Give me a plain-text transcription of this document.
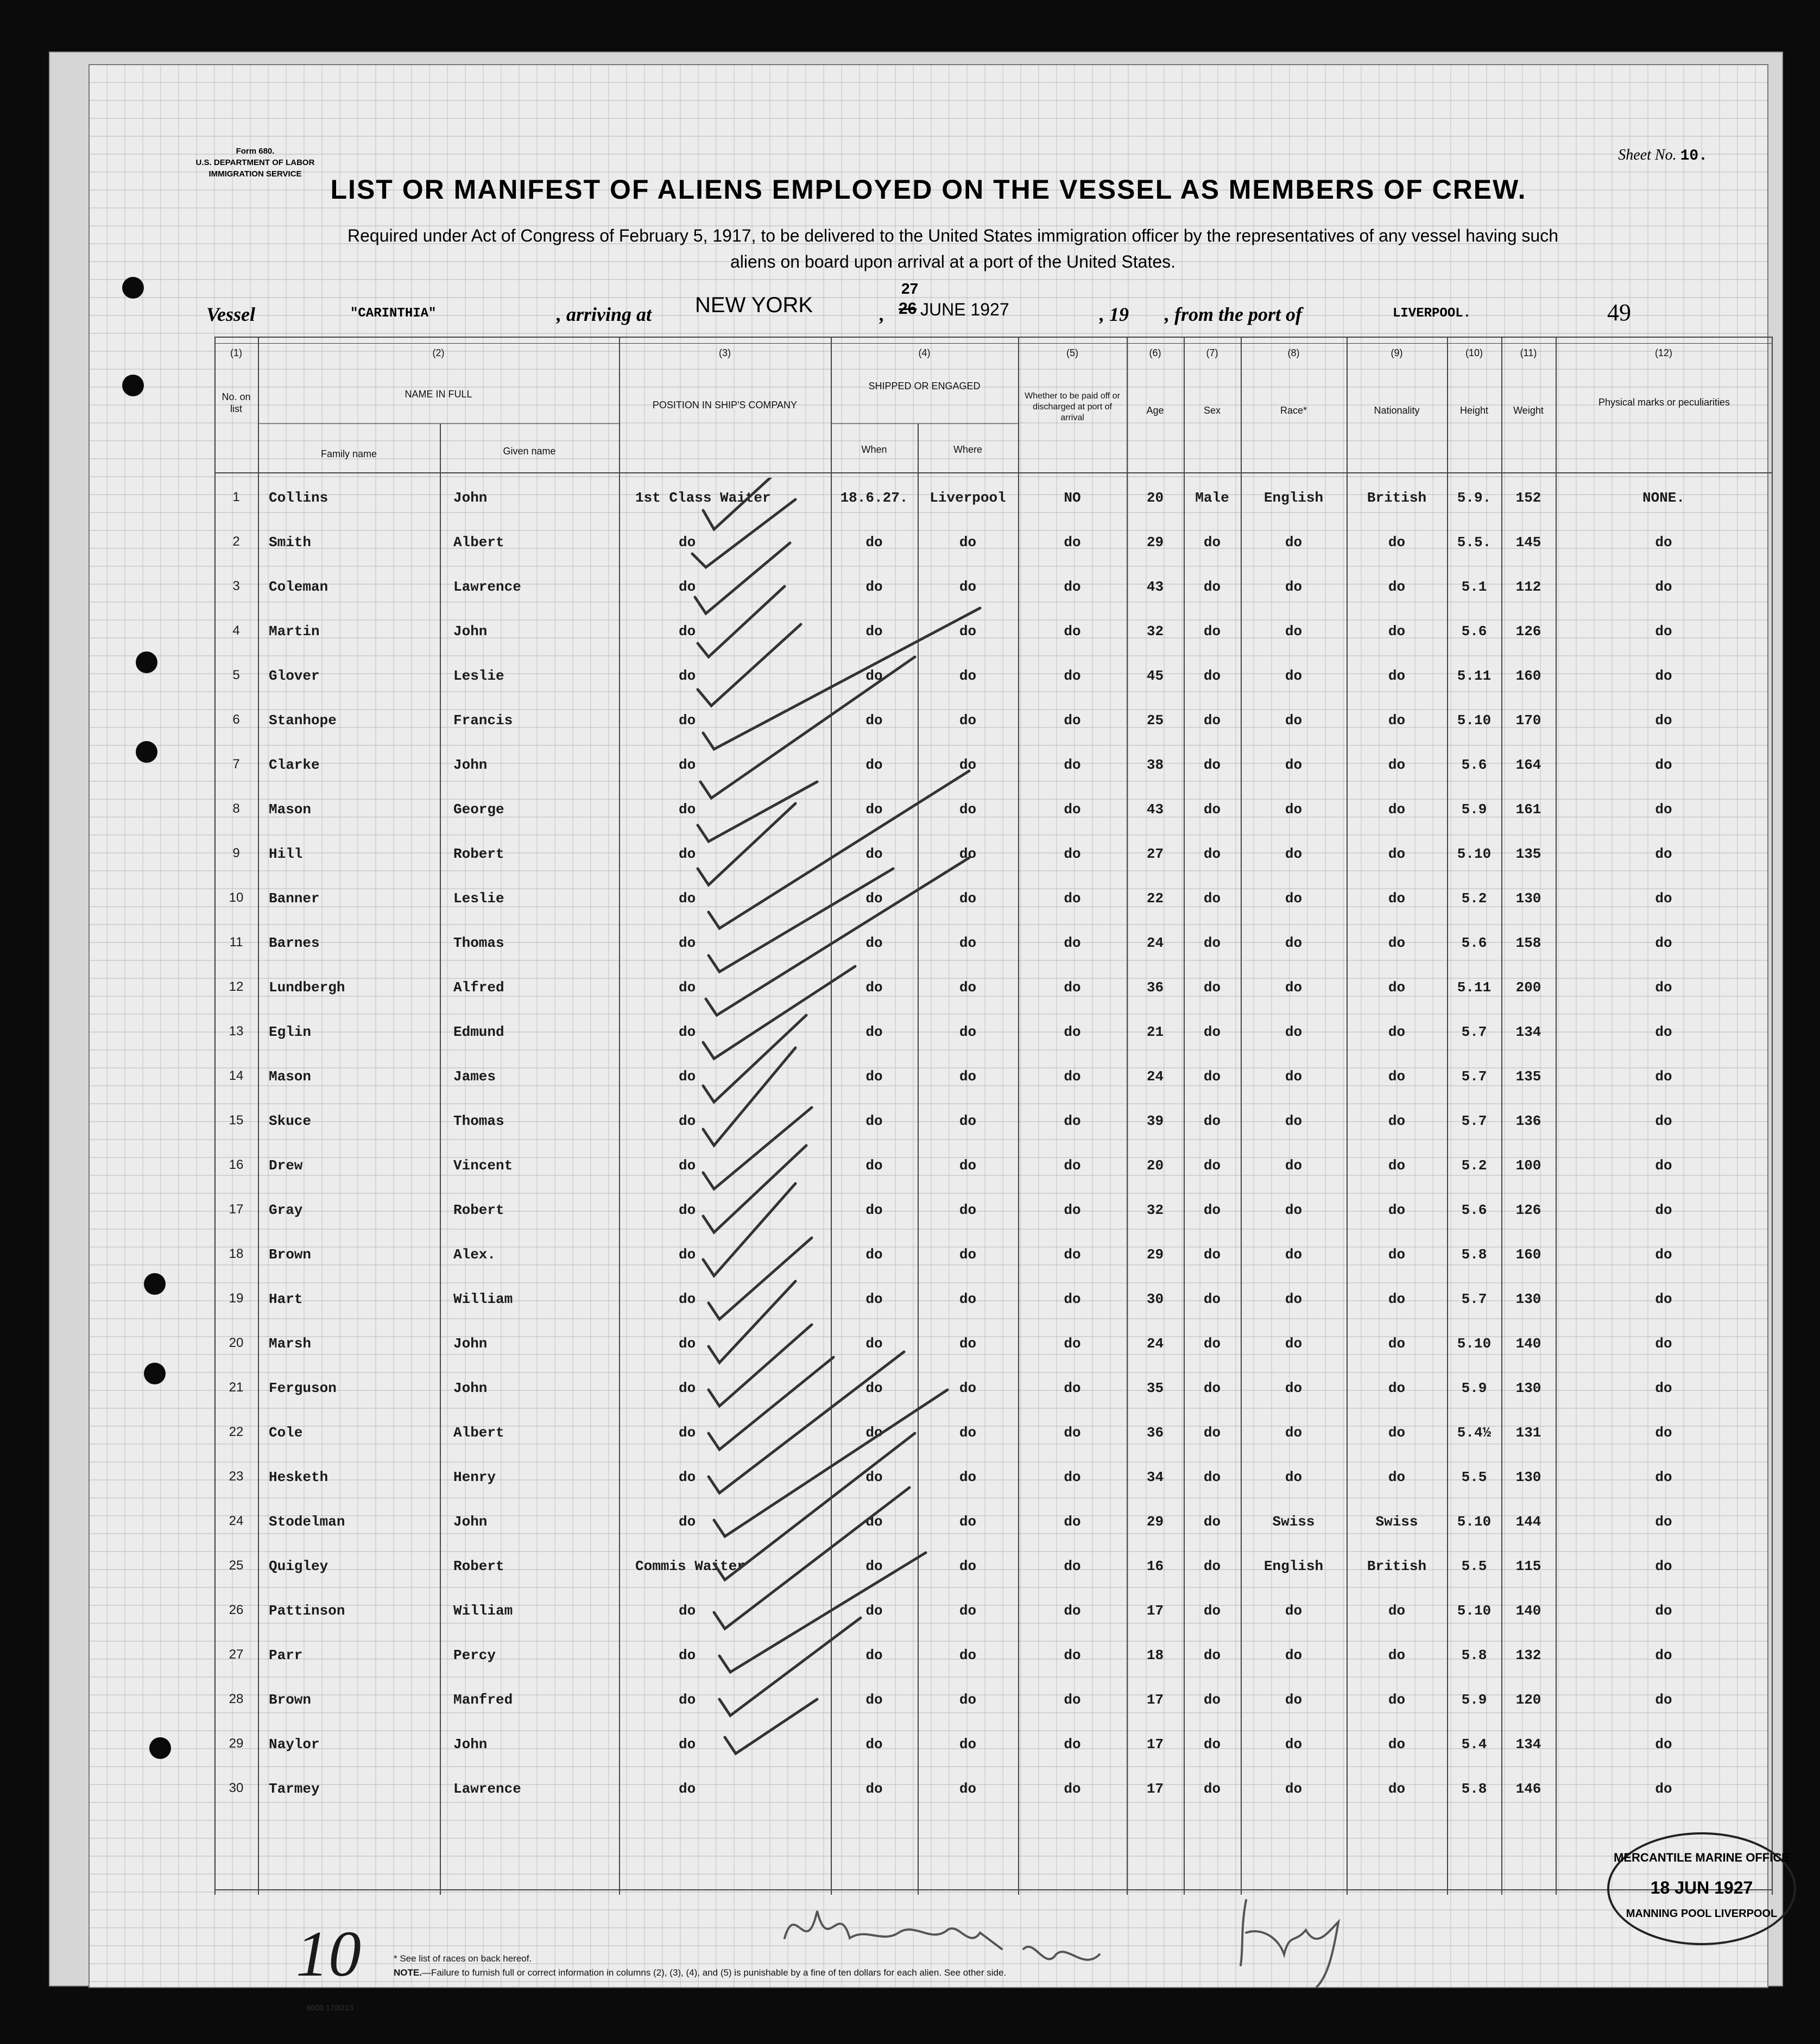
Form 680.
U.S. DEPARTMENT OF LABOR
IMMIGRATION SERVICE
Sheet No. 10.
LIST OR MANIFEST OF ALIENS EMPLOYED ON THE VESSEL AS MEMBERS OF CREW.
Required under Act of Congress of February 5, 1917, to be delivered to the United States immigration officer by the representatives of any vessel having such
aliens on board upon arrival at a port of the United States.
Vessel	"CARINTHIA"	, arriving at NEW YORK	,
27
26 JUNE 1927	, 19 , from the port of	LIVERPOOL.	49
(1)	(2)	(3)	(4)	(5)	(6)	(7)	(8)	(9)	(10)	(11)	(12)
No. on list
NAME IN FULL
Family name	Given name
POSITION IN SHIP'S COMPANY
SHIPPED OR ENGAGED
When	Where
Whether to be paid off or discharged at port of arrival
Age	Sex	Race*	Nationality	Height	Weight
Physical marks or peculiarities
1	Collins	John	1st Class Waiter	18.6.27.	Liverpool	NO	20	Male	English	British	5.9.	152	NONE.
2	Smith	Albert	do	do	do	do	29	do	do	do	5.5.	145	do
3	Coleman	Lawrence	do	do	do	do	43	do	do	do	5.1	112	do
4	Martin	John	do	do	do	do	32	do	do	do	5.6	126	do
5	Glover	Leslie	do	do	do	do	45	do	do	do	5.11	160	do
6	Stanhope	Francis	do	do	do	do	25	do	do	do	5.10	170	do
7	Clarke	John	do	do	do	do	38	do	do	do	5.6	164	do
8	Mason	George	do	do	do	do	43	do	do	do	5.9	161	do
9	Hill	Robert	do	do	do	do	27	do	do	do	5.10	135	do
10	Banner	Leslie	do	do	do	do	22	do	do	do	5.2	130	do
11	Barnes	Thomas	do	do	do	do	24	do	do	do	5.6	158	do
12	Lundbergh	Alfred	do	do	do	do	36	do	do	do	5.11	200	do
13	Eglin	Edmund	do	do	do	do	21	do	do	do	5.7	134	do
14	Mason	James	do	do	do	do	24	do	do	do	5.7	135	do
15	Skuce	Thomas	do	do	do	do	39	do	do	do	5.7	136	do
16	Drew	Vincent	do	do	do	do	20	do	do	do	5.2	100	do
17	Gray	Robert	do	do	do	do	32	do	do	do	5.6	126	do
18	Brown	Alex.	do	do	do	do	29	do	do	do	5.8	160	do
19	Hart	William	do	do	do	do	30	do	do	do	5.7	130	do
20	Marsh	John	do	do	do	do	24	do	do	do	5.10	140	do
21	Ferguson	John	do	do	do	do	35	do	do	do	5.9	130	do
22	Cole	Albert	do	do	do	do	36	do	do	do	5.4½	131	do
23	Hesketh	Henry	do	do	do	do	34	do	do	do	5.5	130	do
24	Stodelman	John	do	do	do	do	29	do	Swiss	Swiss	5.10	144	do
25	Quigley	Robert	Commis Waiter	do	do	do	16	do	English	British	5.5	115	do
26	Pattinson	William	do	do	do	do	17	do	do	do	5.10	140	do
27	Parr	Percy	do	do	do	do	18	do	do	do	5.8	132	do
28	Brown	Manfred	do	do	do	do	17	do	do	do	5.9	120	do
29	Naylor	John	do	do	do	do	17	do	do	do	5.4	134	do
30	Tarmey	Lawrence	do	do	do	do	17	do	do	do	5.8	146	do
MERCANTILE MARINE OFFICE
18 JUN 1927
MANNING POOL LIVERPOOL
10	* See list of races on back hereof.
NOTE.—Failure to furnish full or correct information in columns (2), (3), (4), and (5) is punishable by a fine of ten dollars for each alien. See other side.
6000 17/8213
